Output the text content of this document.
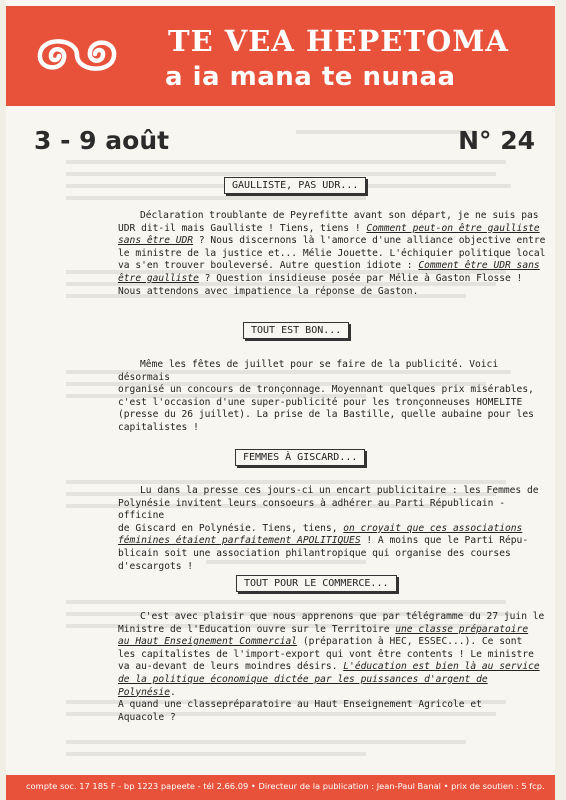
TE VEA HEPETOMA
a ia mana te nunaa
3 - 9 août	N° 24
GAULLISTE, PAS UDR...

Déclaration troublante de Peyrefitte avant son départ, je ne suis pas

UDR dit-il mais Gaulliste ! Tiens, tiens ! Comment peut-on être gaulliste

sans être UDR ? Nous discernons là l'amorce d'une alliance objective entre

le ministre de la justice et... Mélie Jouette. L'échiquier politique local

va s'en trouver bouleversé. Autre question idiote : Comment être UDR sans

être gaulliste ? Question insidieuse posée par Mélie à Gaston Flosse !

Nous attendons avec impatience la réponse de Gaston.

TOUT EST BON...

Même les fêtes de juillet pour se faire de la publicité. Voici désormais

organisé un concours de tronçonnage. Moyennant quelques prix misérables,

c'est l'occasion d'une super-publicité pour les tronçonneuses HOMELITE

(presse du 26 juillet). La prise de la Bastille, quelle aubaine pour les

capitalistes !

FEMMES À GISCARD...

Lu dans la presse ces jours-ci un encart publicitaire : les Femmes de

Polynésie invitent leurs consoeurs à adhérer au Parti Républicain -officine

de Giscard en Polynésie. Tiens, tiens, on croyait que ces associations

féminines étaient parfaitement APOLITIQUES ! A moins que le Parti Répu-

blicain soit une association philantropique qui organise des courses

d'escargots !

TOUT POUR LE COMMERCE...

C'est avec plaisir que nous apprenons que par télégramme du 27 juin le

Ministre de l'Education ouvre sur le Territoire une classe préparatoire

au Haut Enseignement Commercial (préparation à HEC, ESSEC...). Ce sont

les capitalistes de l'import-export qui vont être contents ! Le ministre

va au-devant de leurs moindres désirs. L'éducation est bien là au service

de la politique économique dictée par les puissances d'argent de Polynésie.

A quand une classepréparatoire au Haut Enseignement Agricole et

Aquacole ?

compte soc. 17 185 F - bp 1223 papeete - tél 2.66.09 • Directeur de la publication : Jean-Paul Banal • prix de soutien : 5 fcp.
